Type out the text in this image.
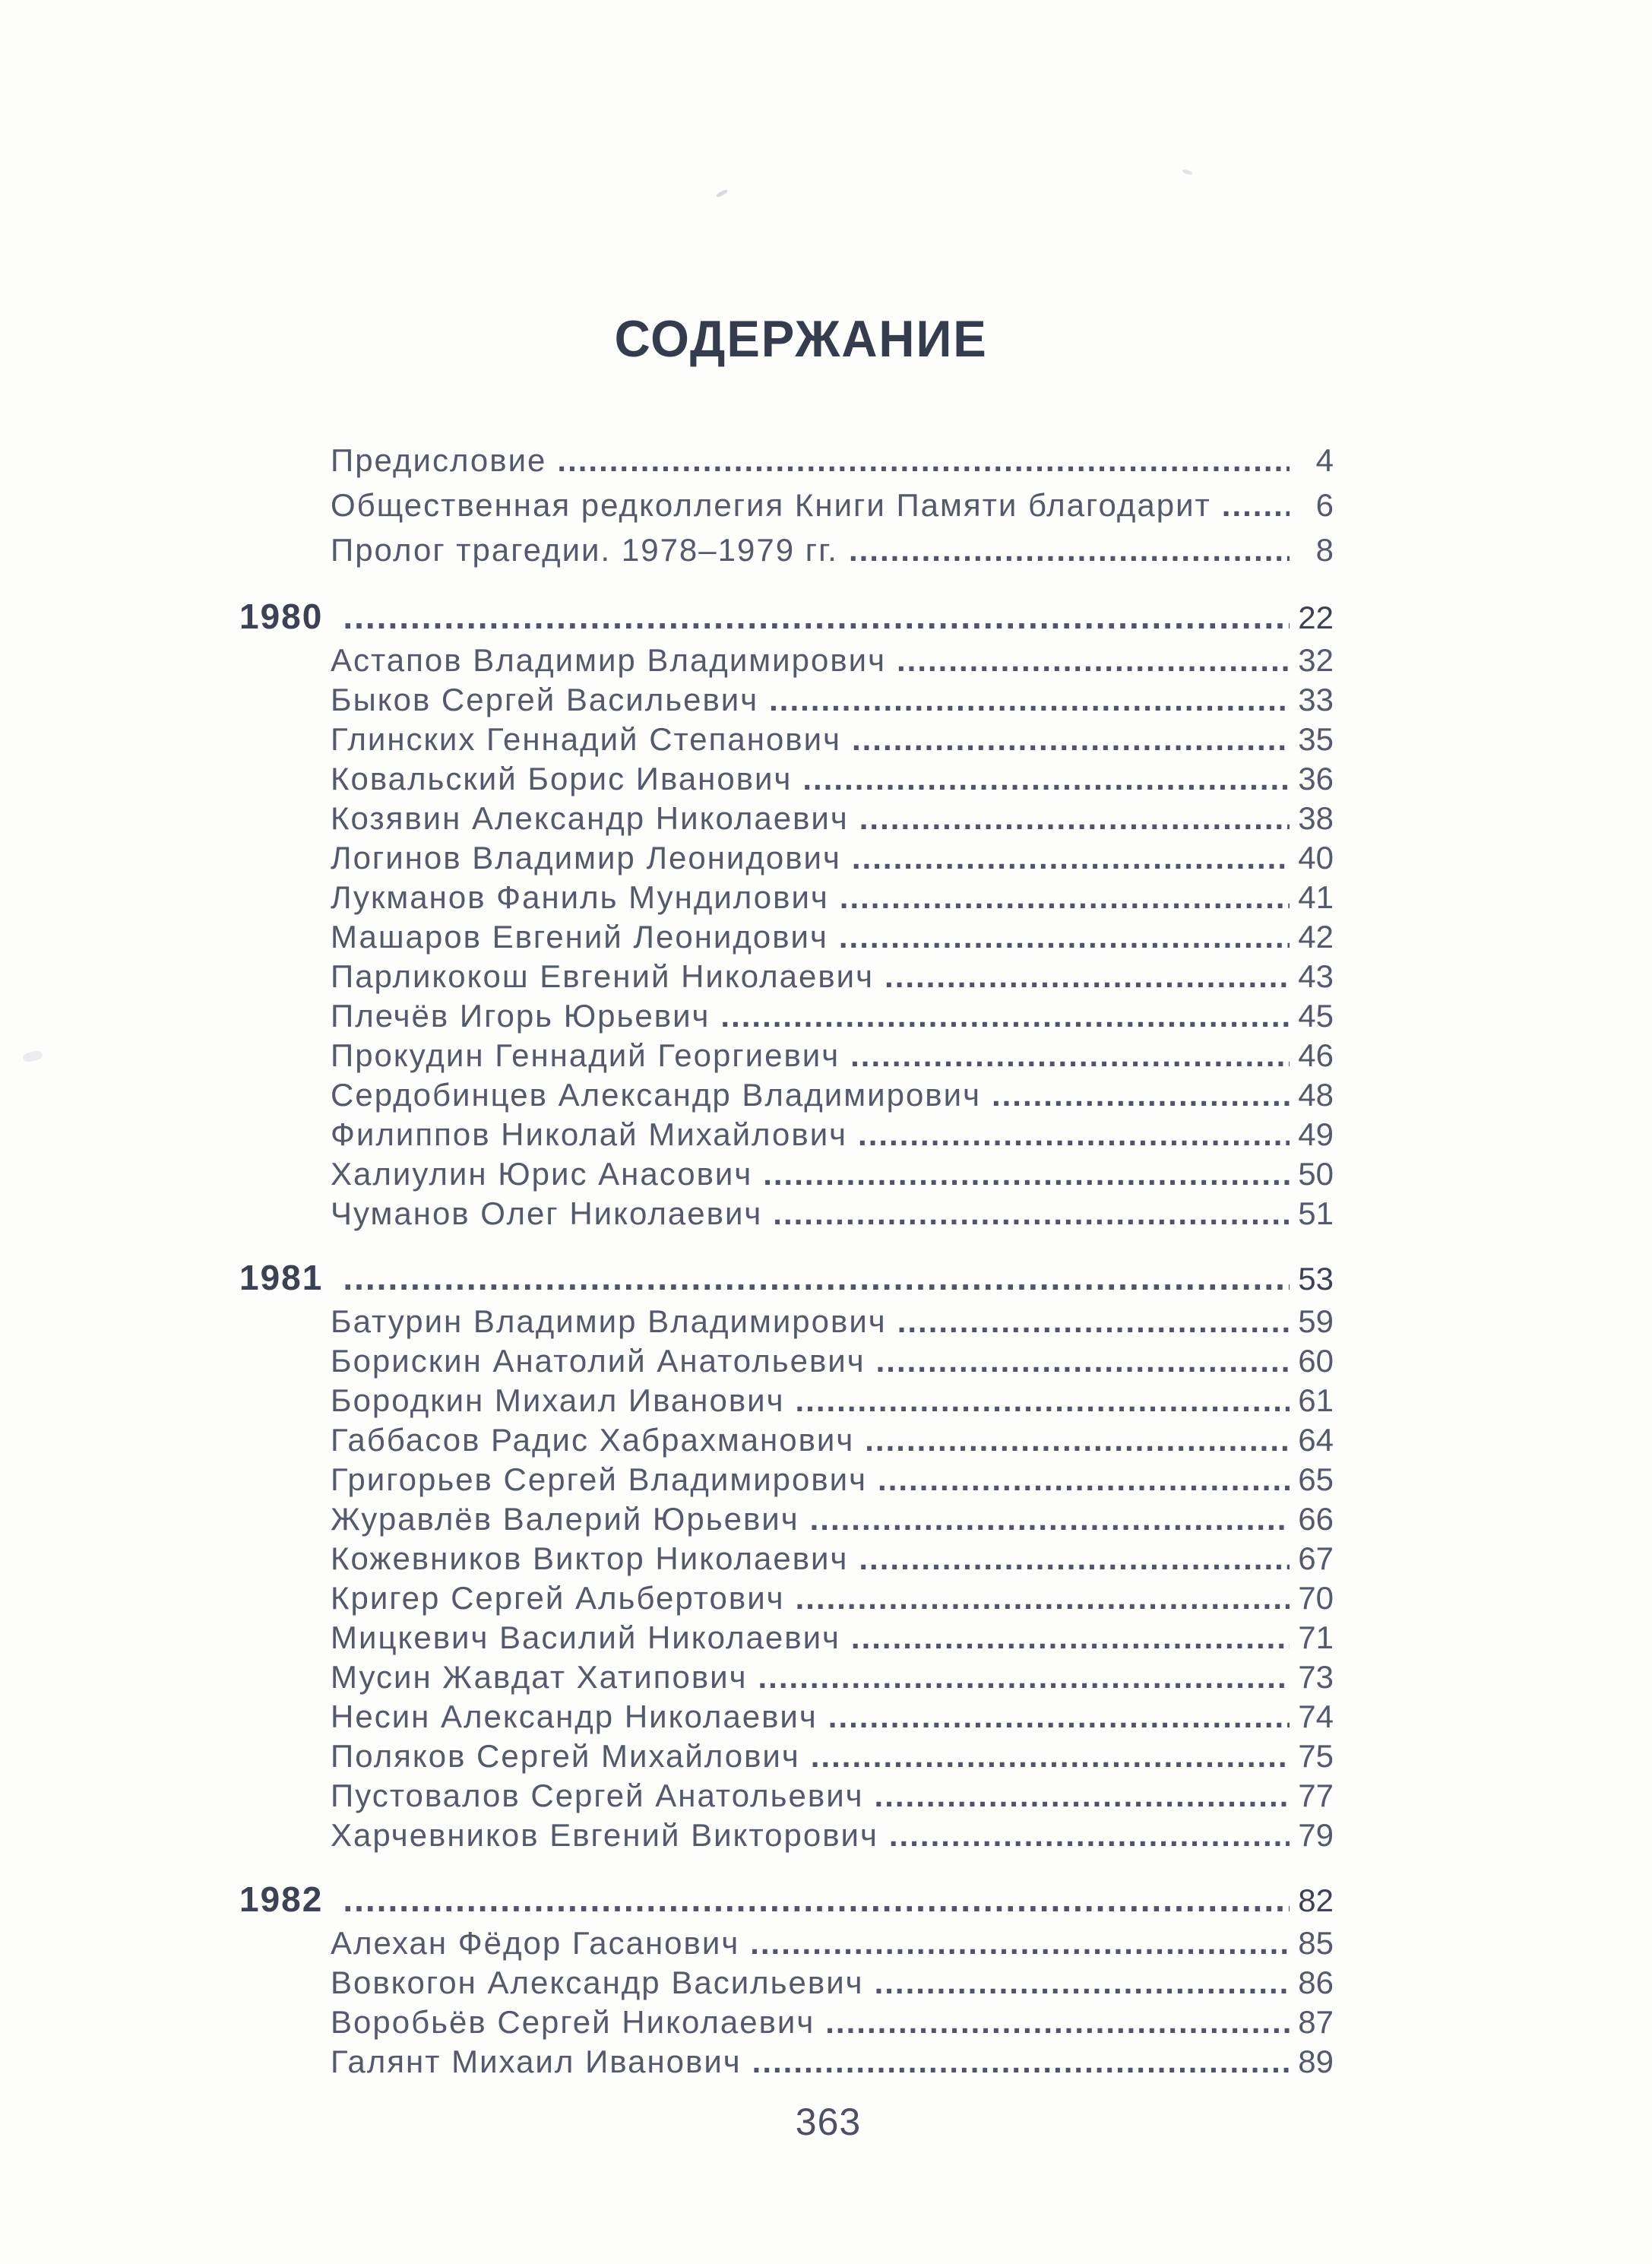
СОДЕРЖАНИЕ
Предисловие .....	4
Общественная редколлегия Книги Памяти благодарит .....	6
Пролог трагедии. 1978–1979 гг. .....	8
1980 .....	22
Астапов Владимир Владимирович .....	32
Быков Сергей Васильевич .....	33
Глинских Геннадий Степанович .....	35
Ковальский Борис Иванович .....	36
Козявин Александр Николаевич .....	38
Логинов Владимир Леонидович .....	40
Лукманов Фаниль Мундилович .....	41
Машаров Евгений Леонидович .....	42
Парликокош Евгений Николаевич .....	43
Плечёв Игорь Юрьевич .....	45
Прокудин Геннадий Георгиевич .....	46
Сердобинцев Александр Владимирович .....	48
Филиппов Николай Михайлович .....	49
Халиулин Юрис Анасович .....	50
Чуманов Олег Николаевич .....	51
1981 .....	53
Батурин Владимир Владимирович .....	59
Борискин Анатолий Анатольевич .....	60
Бородкин Михаил Иванович .....	61
Габбасов Радис Хабрахманович .....	64
Григорьев Сергей Владимирович .....	65
Журавлёв Валерий Юрьевич .....	66
Кожевников Виктор Николаевич .....	67
Кригер Сергей Альбертович .....	70
Мицкевич Василий Николаевич .....	71
Мусин Жавдат Хатипович .....	73
Несин Александр Николаевич .....	74
Поляков Сергей Михайлович .....	75
Пустовалов Сергей Анатольевич .....	77
Харчевников Евгений Викторович .....	79
1982 .....	82
Алехан Фёдор Гасанович .....	85
Вовкогон Александр Васильевич .....	86
Воробьёв Сергей Николаевич .....	87
Галянт Михаил Иванович .....	89
363
